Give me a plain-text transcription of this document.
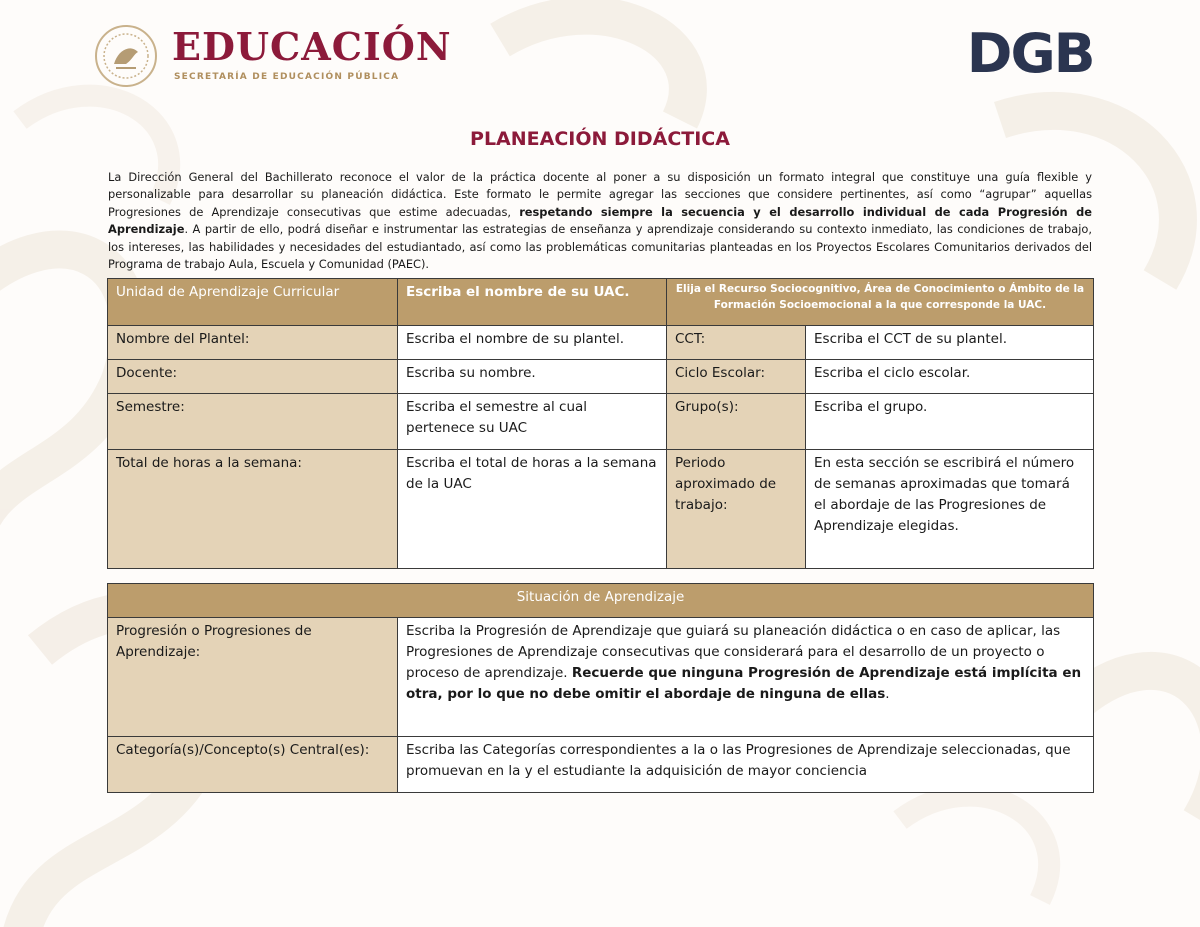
EDUCACIÓN
SECRETARÍA DE EDUCACIÓN PÚBLICA	DGB
PLANEACIÓN DIDÁCTICA
La Dirección General del Bachillerato reconoce el valor de la práctica docente al poner a su disposición un formato integral que constituye una guía flexible y personalizable para desarrollar su planeación didáctica. Este formato le permite agregar las secciones que considere pertinentes, así como “agrupar” aquellas Progresiones de Aprendizaje consecutivas que estime adecuadas, respetando siempre la secuencia y el desarrollo individual de cada Progresión de Aprendizaje. A partir de ello, podrá diseñar e instrumentar las estrategias de enseñanza y aprendizaje considerando su contexto inmediato, las condiciones de trabajo, los intereses, las habilidades y necesidades del estudiantado, así como las problemáticas comunitarias planteadas en los Proyectos Escolares Comunitarios derivados del Programa de trabajo Aula, Escuela y Comunidad (PAEC).
Unidad de Aprendizaje Curricular	Escriba el nombre de su UAC.	Elija el Recurso Sociocognitivo, Área de Conocimiento o Ámbito de la Formación Socioemocional a la que corresponde la UAC.	
Nombre del Plantel:	Escriba el nombre de su plantel.	CCT:	Escriba el CCT de su plantel.
Docente:	Escriba su nombre.	Ciclo Escolar:	Escriba el ciclo escolar.
Semestre:	Escriba el semestre al cual pertenece su UAC	Grupo(s):	Escriba el grupo.
Total de horas a la semana:	Escriba el total de horas a la semana de la UAC	Periodo aproximado de trabajo:	En esta sección se escribirá el número de semanas aproximadas que tomará el abordaje de las Progresiones de Aprendizaje elegidas.
Situación de Aprendizaje	
Progresión o Progresiones de Aprendizaje:	Escriba la Progresión de Aprendizaje que guiará su planeación didáctica o en caso de aplicar, las Progresiones de Aprendizaje consecutivas que considerará para el desarrollo de un proyecto o proceso de aprendizaje. Recuerde que ninguna Progresión de Aprendizaje está implícita en otra, por lo que no debe omitir el abordaje de ninguna de ellas.
Categoría(s)/Concepto(s) Central(es):	Escriba las Categorías correspondientes a la o las Progresiones de Aprendizaje seleccionadas, que promuevan en la y el estudiante la adquisición de mayor conciencia
